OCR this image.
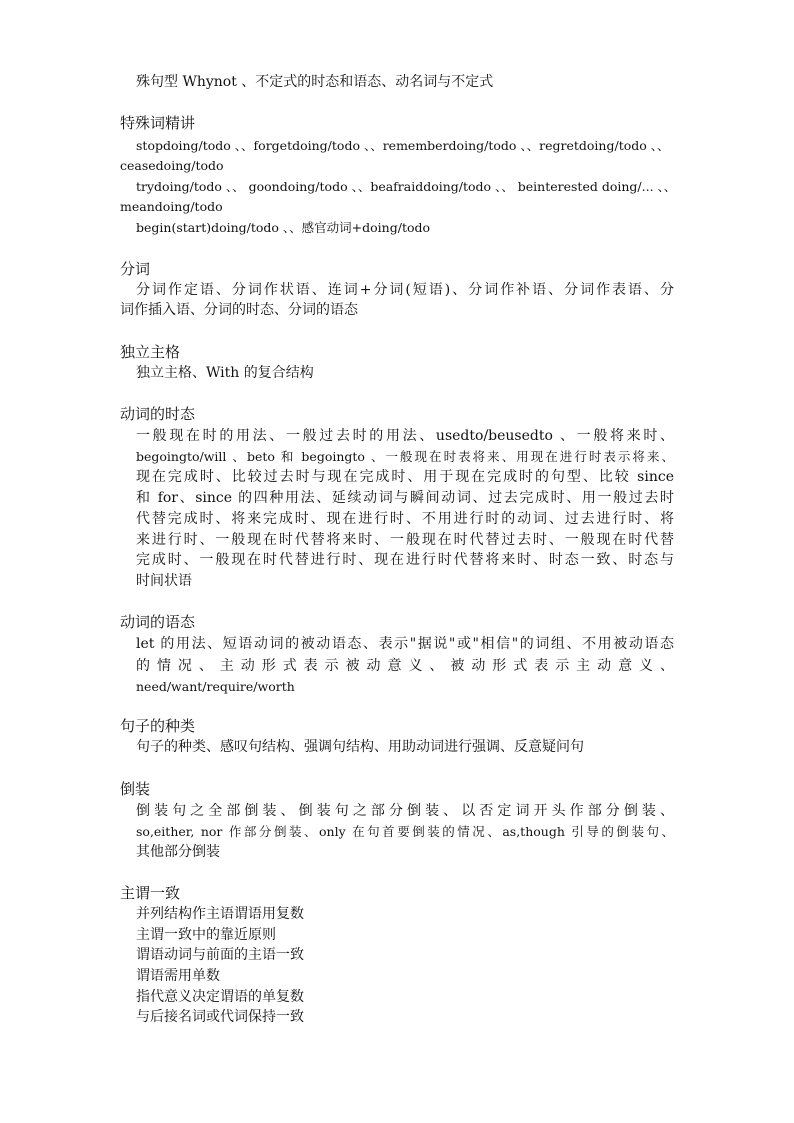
殊句型 Whynot 、不定式的时态和语态、动名词与不定式
特殊词精讲
stopdoing/todo 、、forgetdoing/todo 、、rememberdoing/todo 、、regretdoing/todo 、、
ceasedoing/todo
trydoing/todo 、、 goondoing/todo 、、beafraiddoing/todo 、、 beinterested doing/... 、、
meandoing/todo
begin(start)doing/todo 、、感官动词+doing/todo
分词
分词作定语、分词作状语、连词+分词(短语)、分词作补语、分词作表语、分
词作插入语、分词的时态、分词的语态
独立主格
独立主格、With 的复合结构
动词的时态
一般现在时的用法、一般过去时的用法、usedto/beusedto 、一般将来时、
begoingto/will 、beto 和 begoingto 、一般现在时表将来、用现在进行时表示将来、
现在完成时、比较过去时与现在完成时、用于现在完成时的句型、比较 since
和 for、since 的四种用法、延续动词与瞬间动词、过去完成时、用一般过去时
代替完成时、将来完成时、现在进行时、不用进行时的动词、过去进行时、将
来进行时、一般现在时代替将来时、一般现在时代替过去时、一般现在时代替
完成时、一般现在时代替进行时、现在进行时代替将来时、时态一致、时态与
时间状语
动词的语态
let 的用法、短语动词的被动语态、表示"据说"或"相信"的词组、不用被动语态
的 情 况 、 主 动 形 式 表 示 被 动 意 义 、 被 动 形 式 表 示 主 动 意 义 、
need/want/require/worth
句子的种类
句子的种类、感叹句结构、强调句结构、用助动词进行强调、反意疑问句
倒装
倒装句之全部倒装、倒装句之部分倒装、以否定词开头作部分倒装、
so,either, nor 作部分倒装、only 在句首要倒装的情况、as,though 引导的倒装句、
其他部分倒装
主谓一致
并列结构作主语谓语用复数
主谓一致中的靠近原则
谓语动词与前面的主语一致
谓语需用单数
指代意义决定谓语的单复数
与后接名词或代词保持一致
